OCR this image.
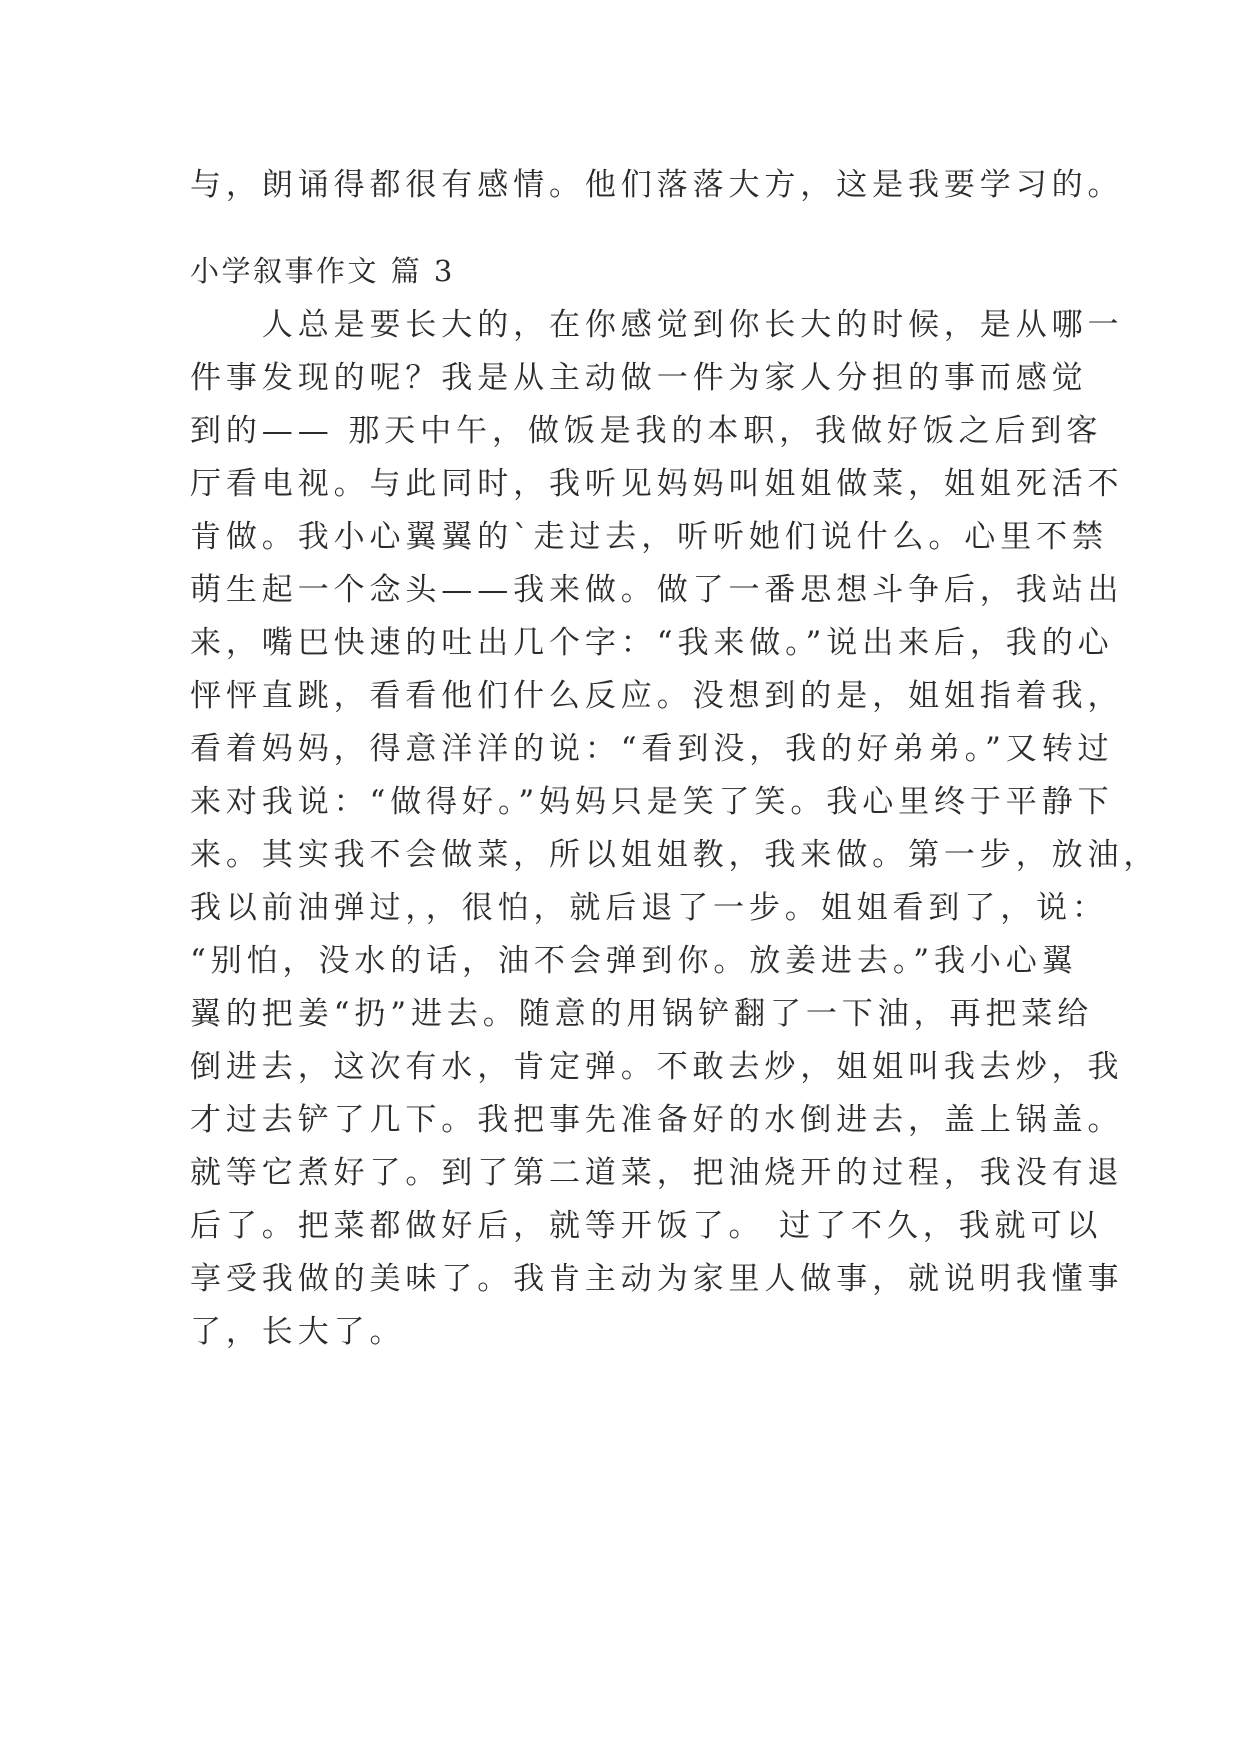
与，朗诵得都很有感情。他们落落大方，这是我要学习的。
小学叙事作文 篇 3
　　人总是要长大的，在你感觉到你长大的时候，是从哪一
件事发现的呢？我是从主动做一件为家人分担的事而感觉
到的—— 那天中午，做饭是我的本职，我做好饭之后到客
厅看电视。与此同时，我听见妈妈叫姐姐做菜，姐姐死活不
肯做。我小心翼翼的`走过去，听听她们说什么。心里不禁
萌生起一个念头——我来做。做了一番思想斗争后，我站出
来，嘴巴快速的吐出几个字：“我来做。”说出来后，我的心
怦怦直跳，看看他们什么反应。没想到的是，姐姐指着我，
看着妈妈，得意洋洋的说：“看到没，我的好弟弟。”又转过
来对我说：“做得好。”妈妈只是笑了笑。我心里终于平静下
来。其实我不会做菜，所以姐姐教，我来做。第一步，放油，
我以前油弹过，，很怕，就后退了一步。姐姐看到了，说：
“别怕，没水的话，油不会弹到你。放姜进去。”我小心翼
翼的把姜“扔”进去。随意的用锅铲翻了一下油，再把菜给
倒进去，这次有水，肯定弹。不敢去炒，姐姐叫我去炒，我
才过去铲了几下。我把事先准备好的水倒进去，盖上锅盖。
就等它煮好了。到了第二道菜，把油烧开的过程，我没有退
后了。把菜都做好后，就等开饭了。 过了不久，我就可以
享受我做的美味了。我肯主动为家里人做事，就说明我懂事
了，长大了。
